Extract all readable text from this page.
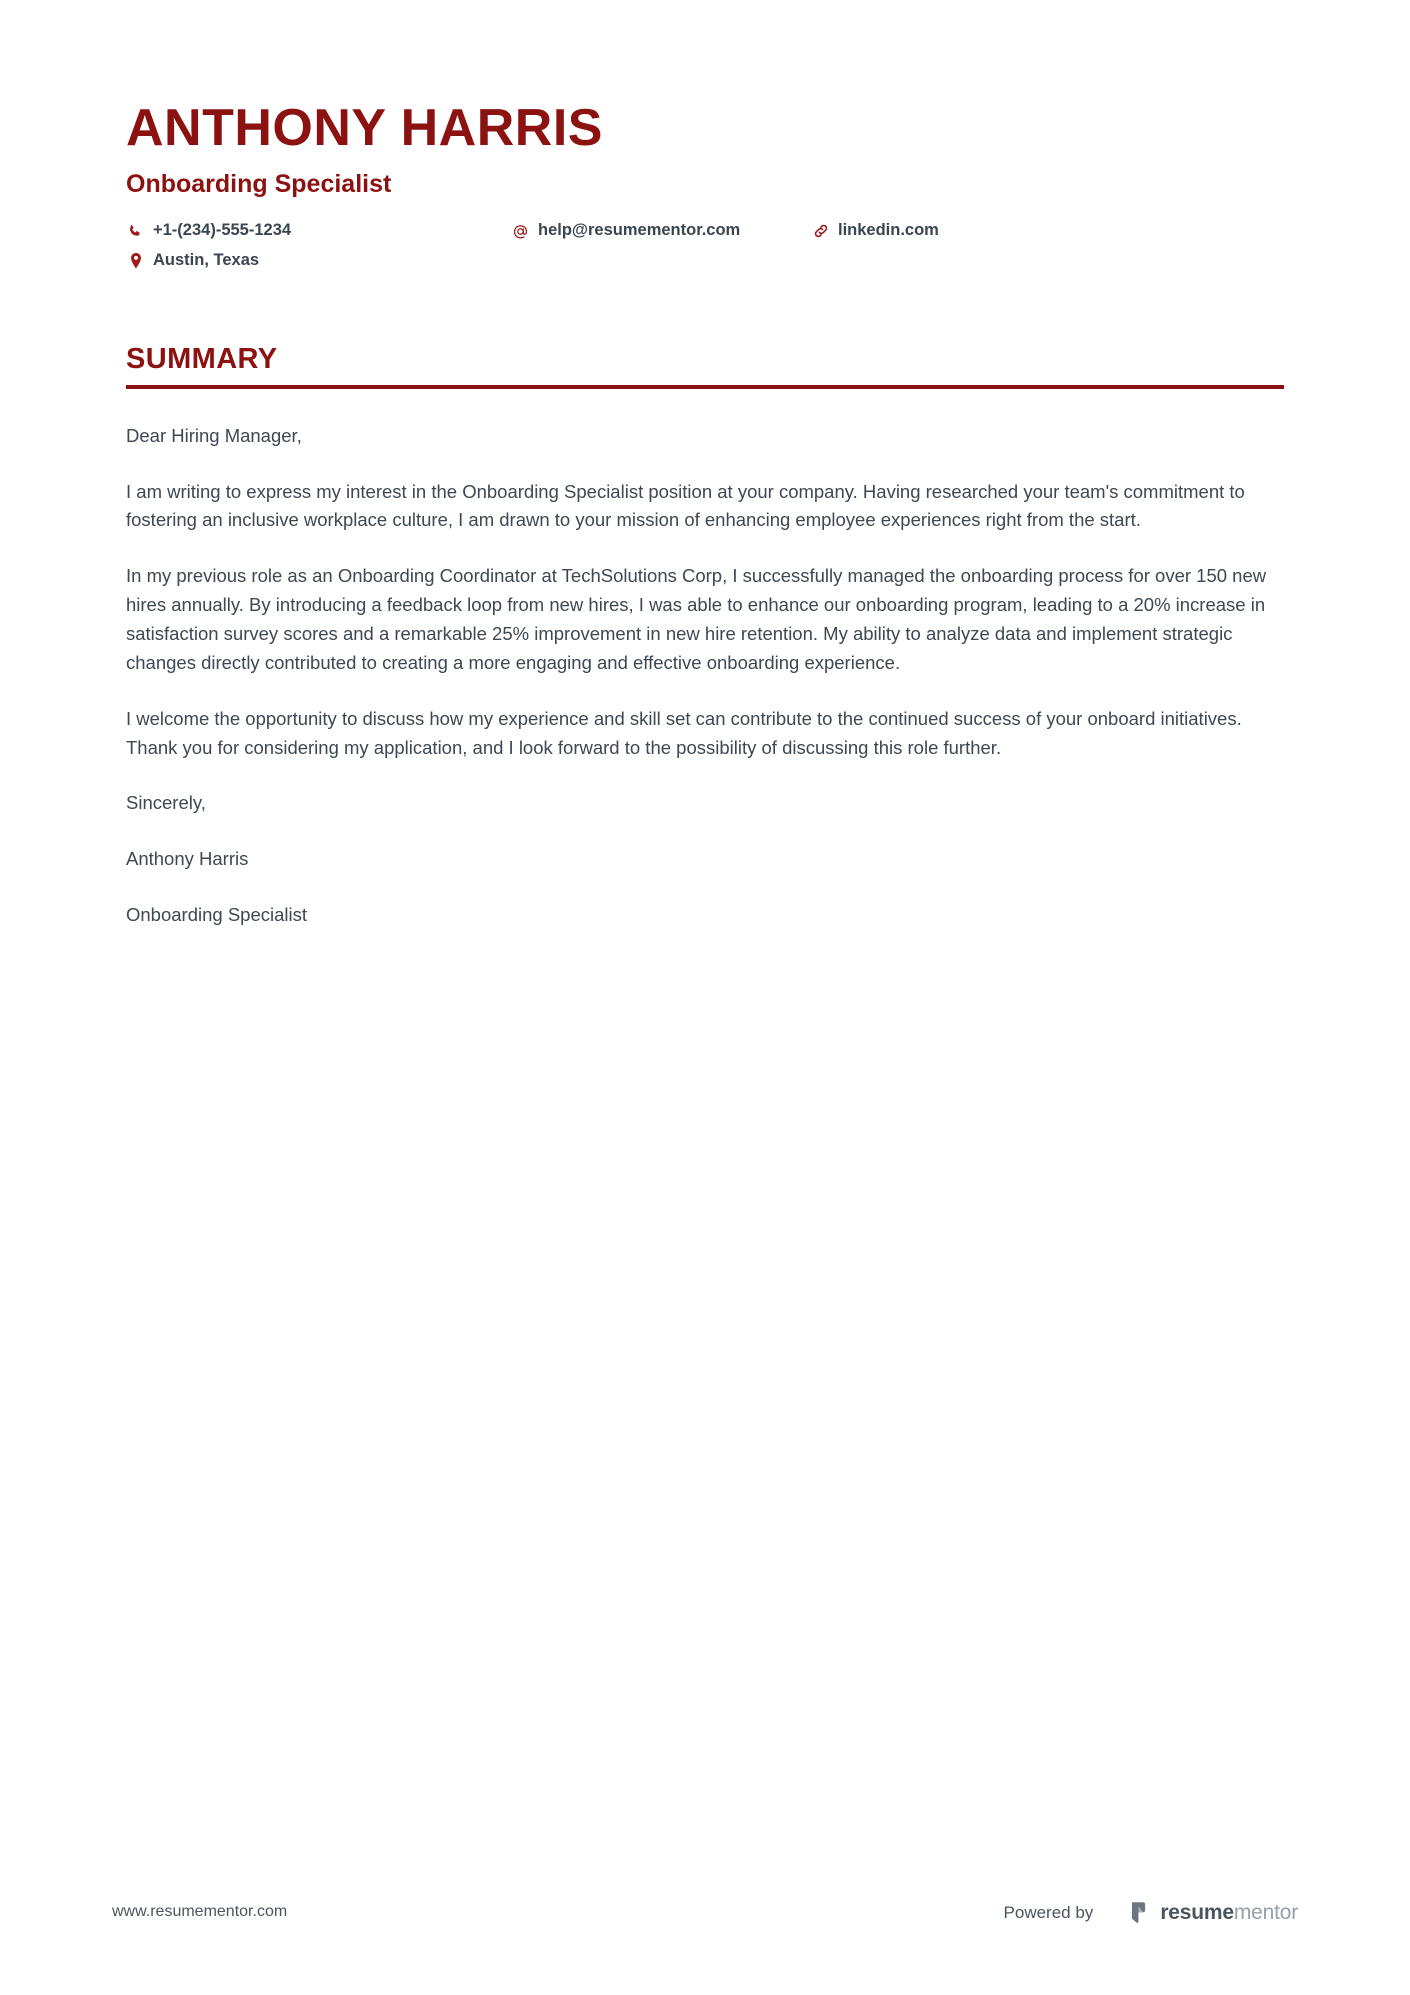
ANTHONY HARRIS
Onboarding Specialist
+1-(234)-555-1234	help@resumementor.com	linkedin.com
Austin, Texas
SUMMARY

Dear Hiring Manager,

I am writing to express my interest in the Onboarding Specialist position at your company. Having researched your team's commitment to fostering an inclusive workplace culture, I am drawn to your mission of enhancing employee experiences right from the start.

In my previous role as an Onboarding Coordinator at TechSolutions Corp, I successfully managed the onboarding process for over 150 new hires annually. By introducing a feedback loop from new hires, I was able to enhance our onboarding program, leading to a 20% increase in satisfaction survey scores and a remarkable 25% improvement in new hire retention. My ability to analyze data and implement strategic changes directly contributed to creating a more engaging and effective onboarding experience.

I welcome the opportunity to discuss how my experience and skill set can contribute to the continued success of your onboard initiatives. Thank you for considering my application, and I look forward to the possibility of discussing this role further.

Sincerely,

Anthony Harris

Onboarding Specialist

www.resumementor.com	Powered by	resumementor
